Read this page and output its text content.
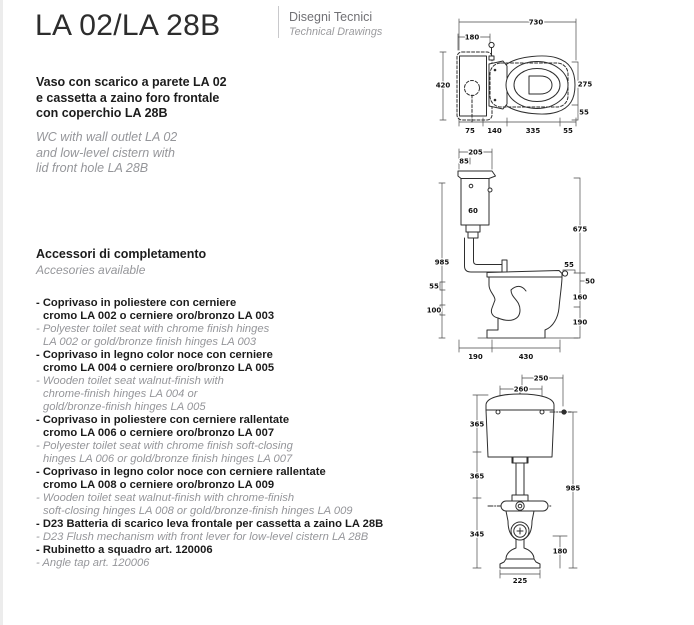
LA 02/LA 28B	Disegni Tecnici
Technical Drawings
Vaso con scarico a parete LA 02
e cassetta a zaino foro frontale
con coperchio LA 28B
WC with wall outlet LA 02
and low-level cistern with
lid front hole LA 28B
Accessori di completamento
Accesories available
- Coprivaso in poliestere con cerniere
cromo LA 002 o cerniere oro/bronzo LA 003
- Polyester toilet seat with chrome finish hinges
LA 002 or gold/bronze finish hinges LA 003
- Coprivaso in legno color noce con cerniere
cromo LA 004 o cerniere oro/bronzo LA 005
- Wooden toilet seat walnut-finish with
chrome-finish hinges LA 004 or
gold/bronze-finish hinges LA 005
- Coprivaso in poliestere con cerniere rallentate
cromo LA 006 o cerniere oro/bronzo LA 007
- Polyester toilet seat with chrome finish soft-closing
hinges LA 006 or gold/bronze finish hinges LA 007
- Coprivaso in legno color noce con cerniere rallentate
cromo LA 008 o cerniere oro/bronzo LA 009
- Wooden toilet seat walnut-finish with chrome-finish
soft-closing hinges LA 008 or gold/bronze-finish hinges LA 009
- D23 Batteria di scarico leva frontale per cassetta a zaino LA 28B
- D23 Flush mechanism with front lever for low-level cistern LA 28B
- Rubinetto a squadro art. 120006
- Angle tap art. 120006
730
180
420	275
55
75 140	335	55
205
85
60
985
55
100
675
50
160
190
55
190	430
250
260
365
365
345
985
180
225
